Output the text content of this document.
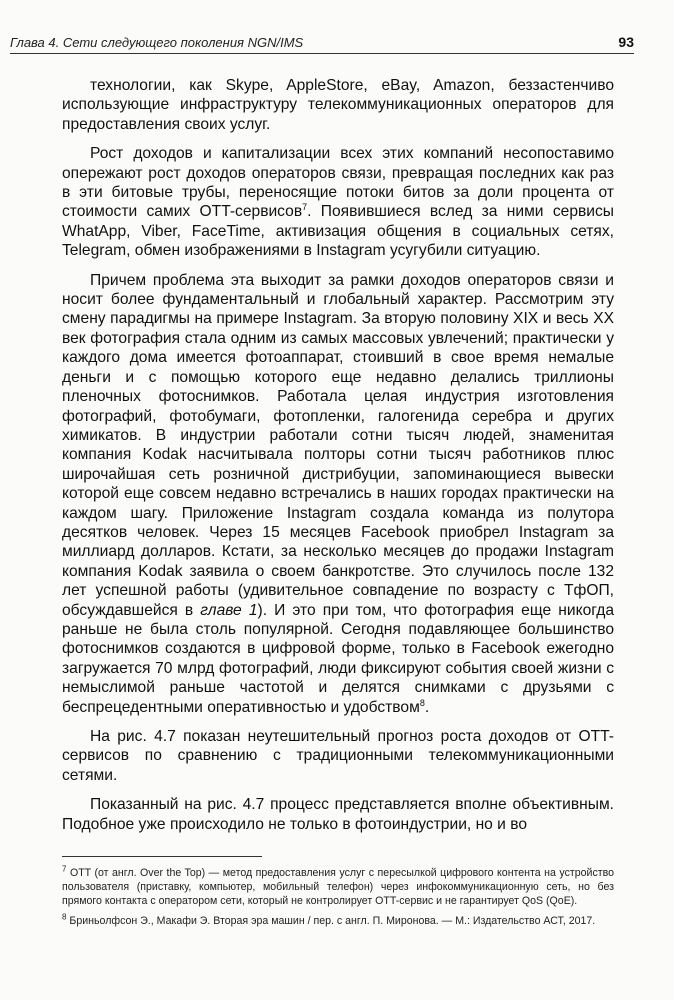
Глава 4. Сети следующего поколения NGN/IMS	93

технологии, как Skype, AppleStore, eBay, Amazon, беззастенчиво использующие инфраструктуру телекоммуникационных операторов для предоставления своих услуг.

Рост доходов и капитализации всех этих компаний несопоставимо опережают рост доходов операторов связи, превращая последних как раз в эти битовые трубы, переносящие потоки битов за доли процента от стоимости самих OTT-сервисов$^7$. Появившиеся вслед за ними сервисы WhatApp, Viber, FaceTime, активизация общения в социальных сетях, Telegram, обмен изображениями в Instagram усугубили ситуацию.

Причем проблема эта выходит за рамки доходов операторов связи и носит более фундаментальный и глобальный характер. Рассмотрим эту смену парадигмы на примере Instagram. За вторую половину XIX и весь XX век фотография стала одним из самых массовых увлечений; практически у каждого дома имеется фотоаппарат, стоивший в свое время немалые деньги и с помощью которого еще недавно делались триллионы пленочных фотоснимков. Работала целая индустрия изготовления фотографий, фотобумаги, фотопленки, галогенида серебра и других химикатов. В индустрии работали сотни тысяч людей, знаменитая компания Kodak насчитывала полторы сотни тысяч работников плюс широчайшая сеть розничной дистрибуции, запоминающиеся вывески которой еще совсем недавно встречались в наших городах практически на каждом шагу. Приложение Instagram создала команда из полутора десятков человек. Через 15 месяцев Facebook приобрел Instagram за миллиард долларов. Кстати, за несколько месяцев до продажи Instagram компания Kodak заявила о своем банкротстве. Это случилось после 132 лет успешной работы (удивительное совпадение по возрасту с ТфОП, обсуждавшейся в главе 1). И это при том, что фотография еще никогда раньше не была столь популярной. Сегодня подавляющее большинство фотоснимков создаются в цифровой форме, только в Facebook ежегодно загружается 70 млрд фотографий, люди фиксируют события своей жизни с немыслимой раньше частотой и делятся снимками с друзьями с беспрецедентными оперативностью и удобством$^8$.

На рис. 4.7 показан неутешительный прогноз роста доходов от OTT-сервисов по сравнению с традиционными телекоммуникационными сетями.

Показанный на рис. 4.7 процесс представляется вполне объективным. Подобное уже происходило не только в фотоиндустрии, но и во

$^7$ OTT (от англ. Over the Top) — метод предоставления услуг с пересылкой цифрового контента на устройство пользователя (приставку, компьютер, мобильный телефон) через инфокоммуникационную сеть, но без прямого контакта с оператором сети, который не контролирует OTT-сервис и не гарантирует QoS (QoE).
$^8$ Бриньолфсон Э., Макафи Э. Вторая эра машин / пер. с англ. П. Миронова. — М.: Издательство АСТ, 2017.
